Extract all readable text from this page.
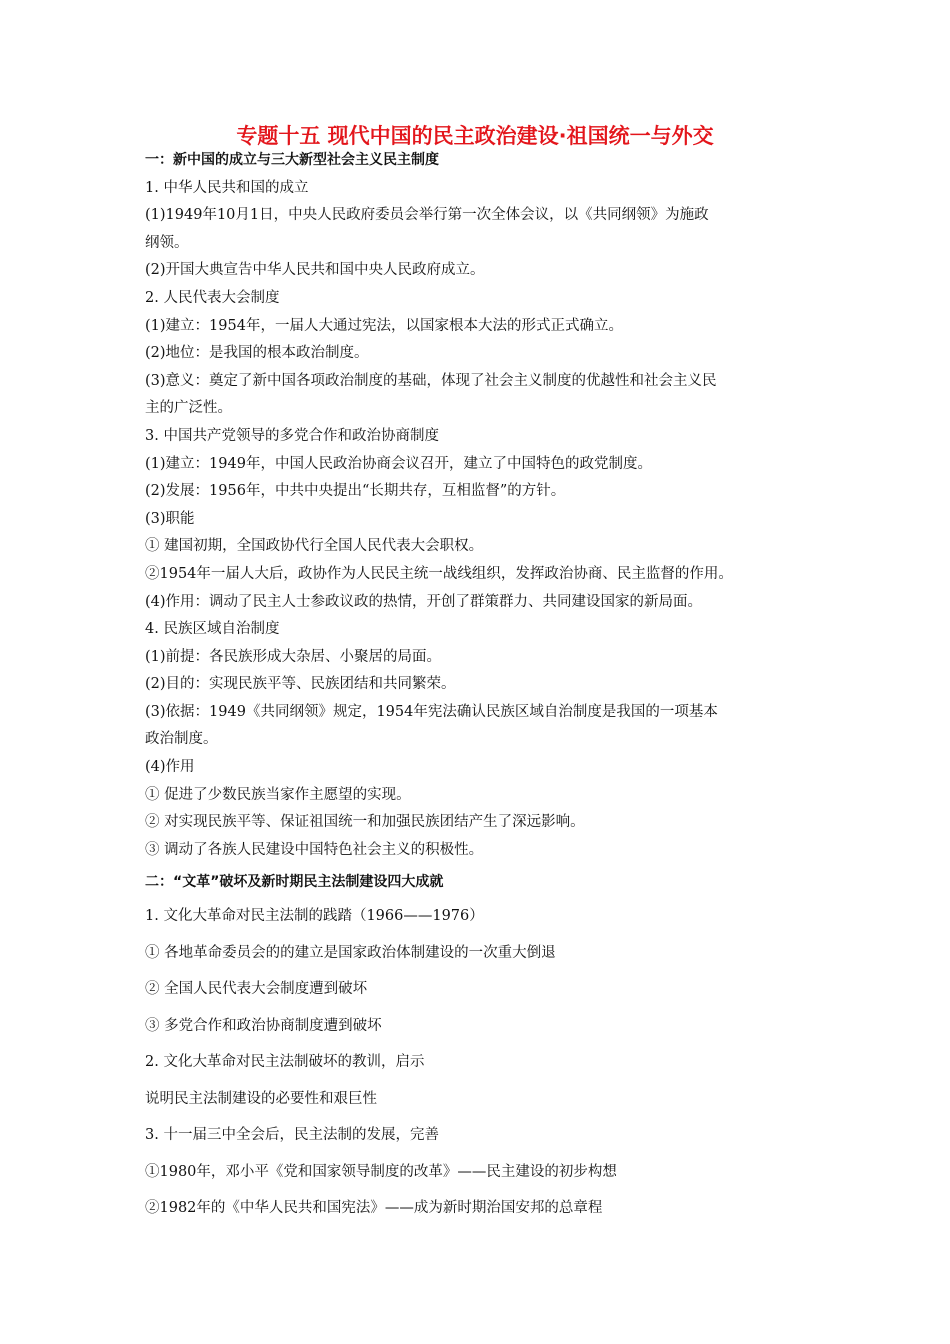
专题十五 现代中国的民主政治建设·祖国统一与外交
一：新中国的成立与三大新型社会主义民主制度
1. 中华人民共和国的成立
(1)1949年10月1日，中央人民政府委员会举行第一次全体会议，以《共同纲领》为施政
纲领。
(2)开国大典宣告中华人民共和国中央人民政府成立。
2. 人民代表大会制度
(1)建立：1954年，一届人大通过宪法，以国家根本大法的形式正式确立。
(2)地位：是我国的根本政治制度。
(3)意义：奠定了新中国各项政治制度的基础，体现了社会主义制度的优越性和社会主义民
主的广泛性。
3. 中国共产党领导的多党合作和政治协商制度
(1)建立：1949年，中国人民政治协商会议召开，建立了中国特色的政党制度。
(2)发展：1956年，中共中央提出“长期共存，互相监督”的方针。
(3)职能
① 建国初期，全国政协代行全国人民代表大会职权。
②1954年一届人大后，政协作为人民民主统一战线组织，发挥政治协商、民主监督的作用。
(4)作用：调动了民主人士参政议政的热情，开创了群策群力、共同建设国家的新局面。
4. 民族区域自治制度
(1)前提：各民族形成大杂居、小聚居的局面。
(2)目的：实现民族平等、民族团结和共同繁荣。
(3)依据：1949《共同纲领》规定，1954年宪法确认民族区域自治制度是我国的一项基本
政治制度。
(4)作用
① 促进了少数民族当家作主愿望的实现。
② 对实现民族平等、保证祖国统一和加强民族团结产生了深远影响。
③ 调动了各族人民建设中国特色社会主义的积极性。
二：“文革”破坏及新时期民主法制建设四大成就
1. 文化大革命对民主法制的践踏（1966——1976）
① 各地革命委员会的的建立是国家政治体制建设的一次重大倒退
② 全国人民代表大会制度遭到破坏
③ 多党合作和政治协商制度遭到破坏
2. 文化大革命对民主法制破坏的教训，启示
说明民主法制建设的必要性和艰巨性
3. 十一届三中全会后，民主法制的发展，完善
①1980年，邓小平《党和国家领导制度的改革》——民主建设的初步构想
②1982年的《中华人民共和国宪法》——成为新时期治国安邦的总章程
